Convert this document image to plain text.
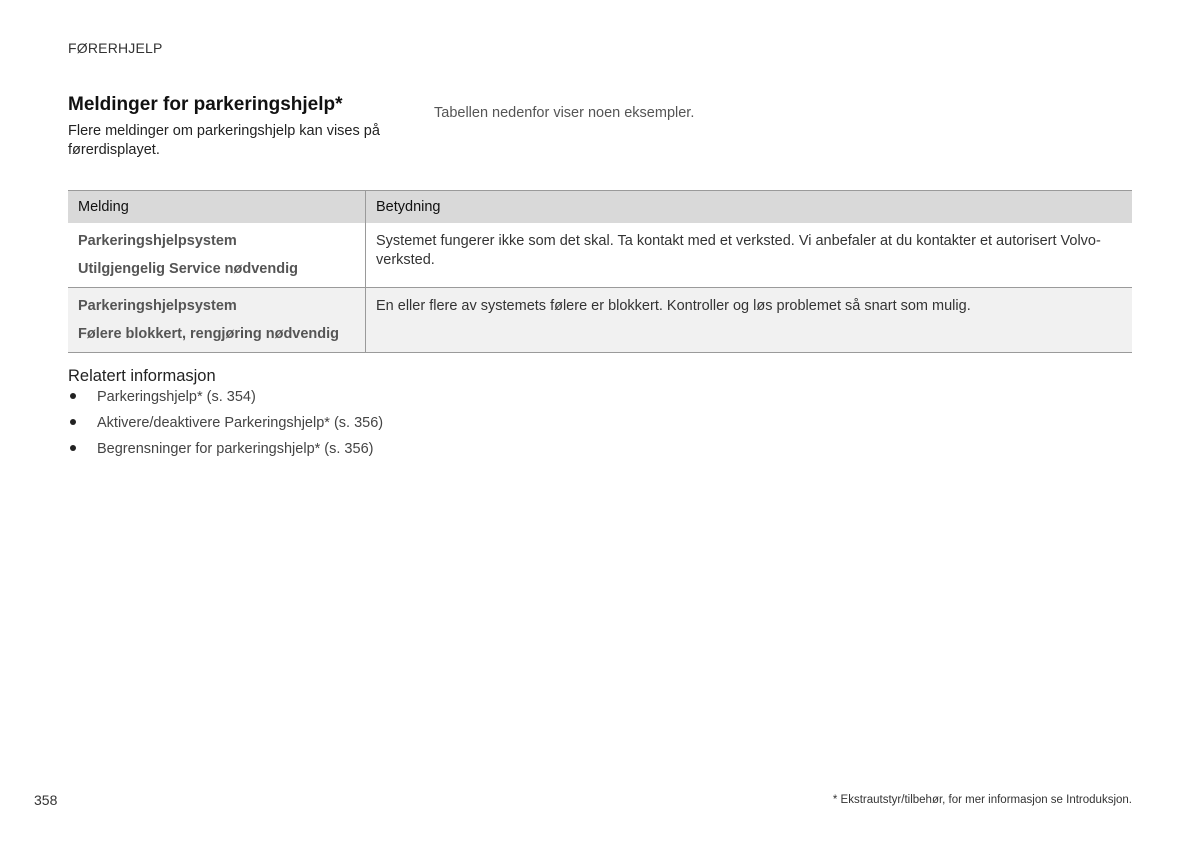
FØRERHJELP
Meldinger for parkeringshjelp*

Flere meldinger om parkeringshjelp kan vises på førerdisplayet.

Tabellen nedenfor viser noen eksempler.

Melding	Betydning

Parkeringshjelpsystem
Utilgjengelig Service nødvendig	Systemet fungerer ikke som det skal. Ta kontakt med et verksted. Vi anbefaler at du kontakter et autorisert Volvo-verksted.

Parkeringshjelpsystem
Følere blokkert, rengjøring nødvendig	En eller flere av systemets følere er blokkert. Kontroller og løs problemet så snart som mulig.
Relatert informasjon
Parkeringshjelp* (s. 354)
Aktivere/deaktivere Parkeringshjelp* (s. 356)
Begrensninger for parkeringshjelp* (s. 356)
358	* Ekstrautstyr/tilbehør, for mer informasjon se Introduksjon.
